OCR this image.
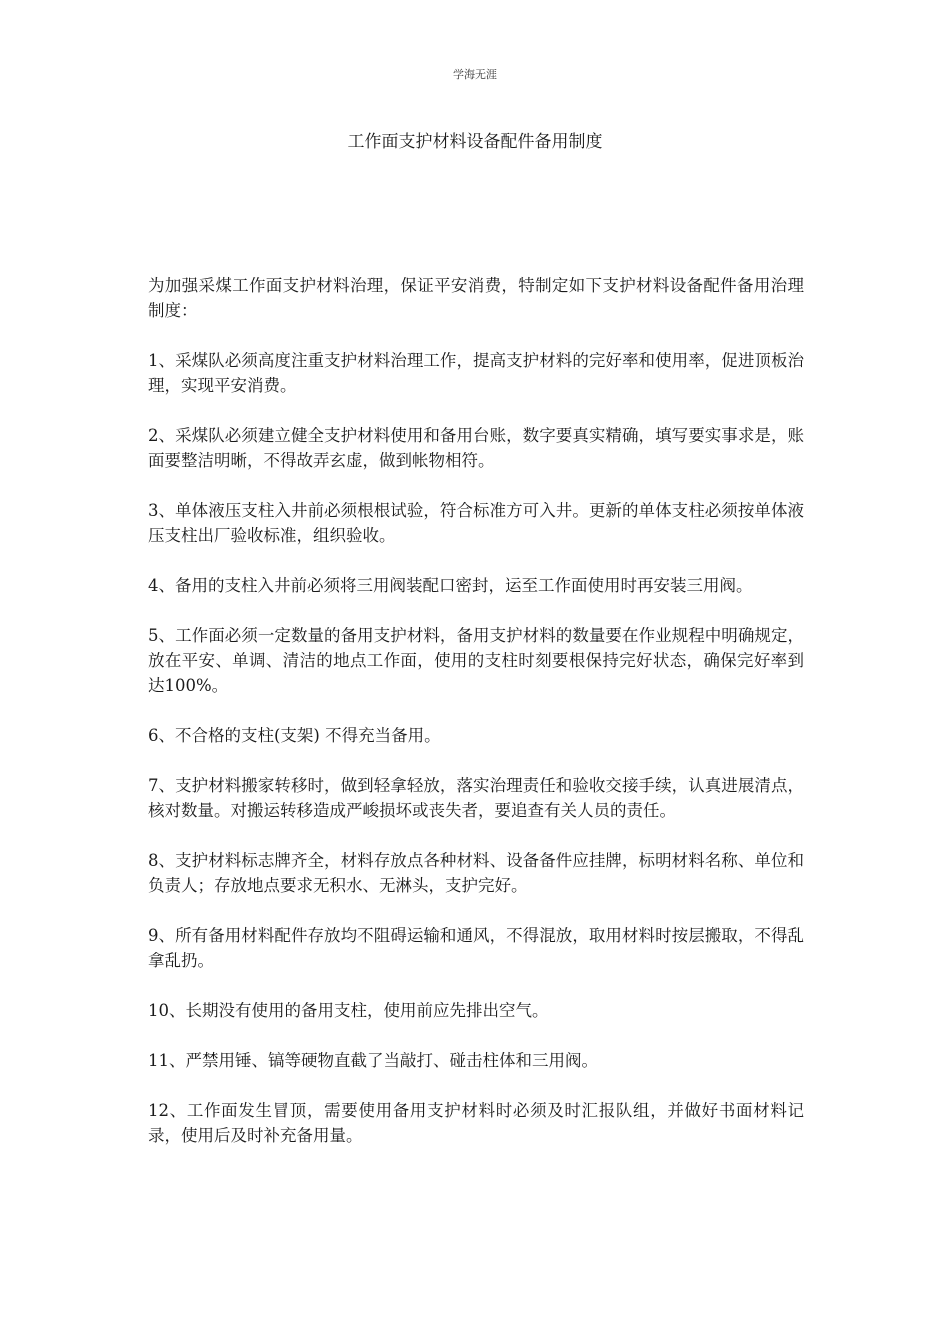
学海无涯
工作面支护材料设备配件备用制度

为加强采煤工作面支护材料治理，保证平安消费，特制定如下支护材料设备配件备用治理制度：

1、采煤队必须高度注重支护材料治理工作，提高支护材料的完好率和使用率，促进顶板治理，实现平安消费。

2、采煤队必须建立健全支护材料使用和备用台账，数字要真实精确，填写要实事求是，账面要整洁明晰，不得故弄玄虚，做到帐物相符。

3、单体液压支柱入井前必须根根试验，符合标准方可入井。更新的单体支柱必须按单体液压支柱出厂验收标准，组织验收。

4、备用的支柱入井前必须将三用阀装配口密封，运至工作面使用时再安装三用阀。

5、工作面必须一定数量的备用支护材料，备用支护材料的数量要在作业规程中明确规定，放在平安、单调、清洁的地点工作面，使用的支柱时刻要根保持完好状态，确保完好率到达100%。

6、不合格的支柱(支架) 不得充当备用。

7、支护材料搬家转移时，做到轻拿轻放，落实治理责任和验收交接手续，认真进展清点，核对数量。对搬运转移造成严峻损坏或丧失者，要追查有关人员的责任。

8、支护材料标志牌齐全，材料存放点各种材料、设备备件应挂牌，标明材料名称、单位和负责人；存放地点要求无积水、无淋头，支护完好。

9、所有备用材料配件存放均不阻碍运输和通风，不得混放，取用材料时按层搬取，不得乱拿乱扔。

10、长期没有使用的备用支柱，使用前应先排出空气。

11、严禁用锤、镐等硬物直截了当敲打、碰击柱体和三用阀。

12、工作面发生冒顶，需要使用备用支护材料时必须及时汇报队组，并做好书面材料记录，使用后及时补充备用量。
